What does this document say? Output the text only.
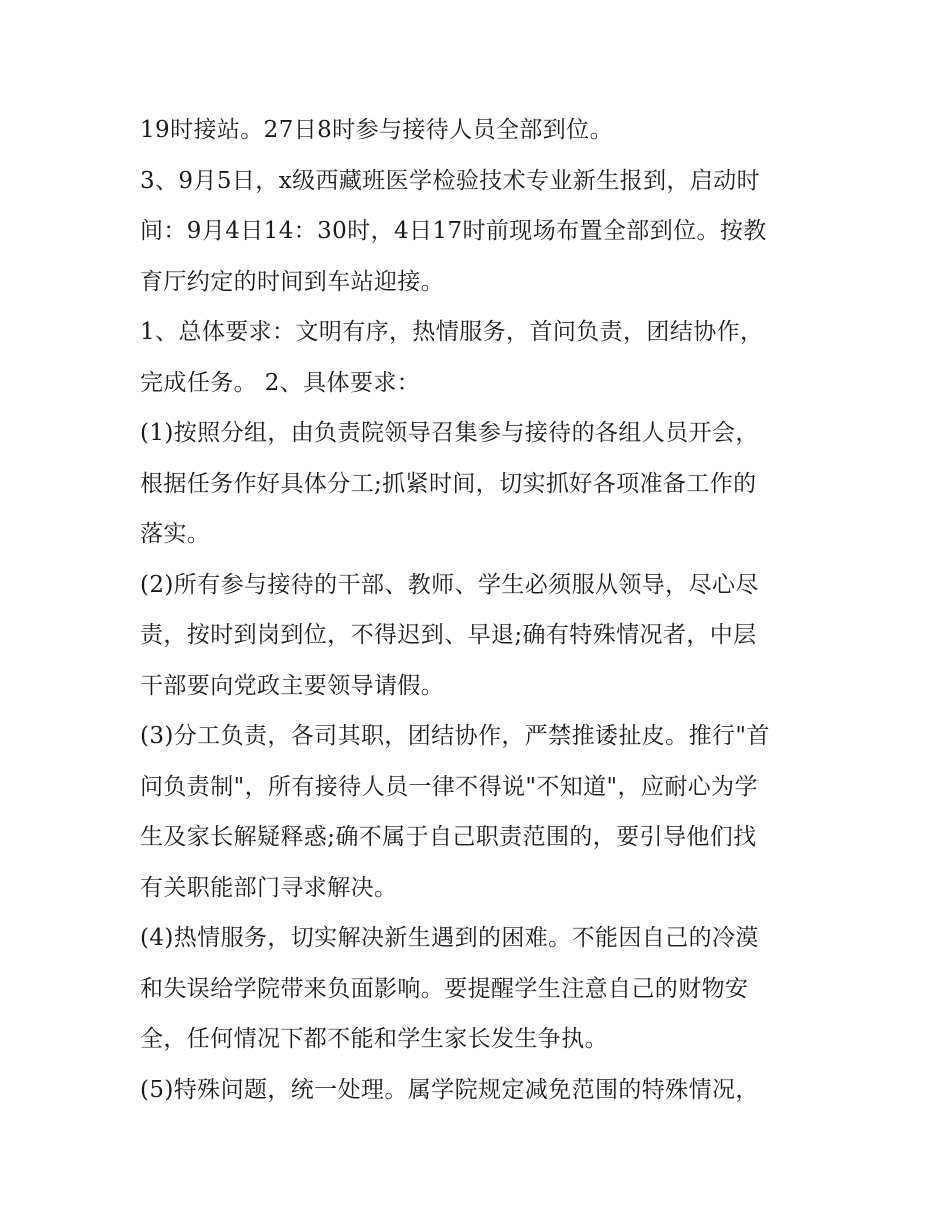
19时接站。27日8时参与接待人员全部到位。
3、9月5日，x级西藏班医学检验技术专业新生报到，启动时
间：9月4日14：30时，4日17时前现场布置全部到位。按教
育厅约定的时间到车站迎接。
1、总体要求：文明有序，热情服务，首问负责，团结协作，
完成任务。 2、具体要求：
(1)按照分组，由负责院领导召集参与接待的各组人员开会，
根据任务作好具体分工;抓紧时间，切实抓好各项准备工作的
落实。
(2)所有参与接待的干部、教师、学生必须服从领导，尽心尽
责，按时到岗到位，不得迟到、早退;确有特殊情况者，中层
干部要向党政主要领导请假。
(3)分工负责，各司其职，团结协作，严禁推诿扯皮。推行"首
问负责制"，所有接待人员一律不得说"不知道"，应耐心为学
生及家长解疑释惑;确不属于自己职责范围的，要引导他们找
有关职能部门寻求解决。
(4)热情服务，切实解决新生遇到的困难。不能因自己的冷漠
和失误给学院带来负面影响。要提醒学生注意自己的财物安
全，任何情况下都不能和学生家长发生争执。
(5)特殊问题，统一处理。属学院规定减免范围的特殊情况，
